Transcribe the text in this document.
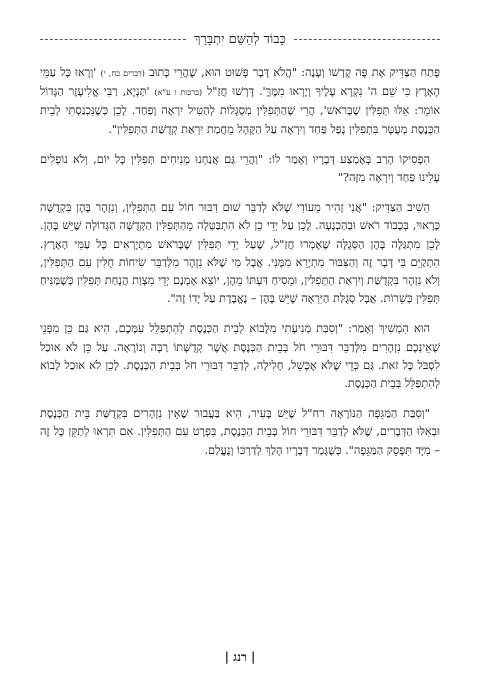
כָּבוֹד לְהַשֵּׁם יִתְבָּרַךְ

פָּתַח הַצַּדִּיק אֶת פֶּה קָדְשׁוֹ וְעָנָה: "הֲלֹא דָּבָר פָּשׁוּט הוּא, שֶׁהֲרֵי כָּתוּב (דברים כח, י) 'וְרָאוּ כָּל עַמֵּי הָאָרֶץ כִּי שֵׁם ה' נִקְרָא עָלֶיךָ וְיָרְאוּ מִמֶּךָּ'. דָּרְשׁוּ חֲזַ"ל (ברכות ו ע"א) 'תַּנְיָא, רַבִּי אֱלִיעֶזֶר הַגָּדוֹל אוֹמֵר: אֵלּוּ תְּפִלִּין שֶׁבָּרֹאשׁ', הֲרֵי שֶׁהַתְּפִלִּין מְסֻגָּלוֹת לְהַטִּיל יִרְאָה וָפַחַד. לָכֵן כְּשֶׁנִּכְנַסְתִּי לְבֵית הַכְּנֶסֶת מְעֻטָּר בִּתְפִלִּין נָפַל פַּחַד וְיִרְאָה עַל הַקָּהָל מֵחֲמַת יִרְאַת קְדֻשַּׁת הַתְּפִלִּין".

הִפְסִיקוֹ הָרַב בְּאֶמְצַע דְּבָרָיו וְאָמַר לוֹ: "וַהֲרֵי גַּם אֲנַחְנוּ מְנִיחִים תְּפִלִּין כָּל יוֹם, וְלֹא נוֹפְלִים עָלֵינוּ פַּחַד וְיִרְאָה מִזֶּה?"

הֵשִׁיב הַצַּדִּיק: "אֲנִי זָהִיר מֵעוֹדִי שֶׁלֹּא לְדַבֵּר שׁוּם דִּבּוּר חוֹל עִם הַתְּפִלִּין, וְנִזְהָר בָּהֶן בִּקְדֻשָּׁה כָּרָאוּי, בְּכָבוֹד רֹאשׁ וּבְהַכְנָעָה. לָכֵן עַל יְדֵי כֵן לֹא הִתְבַּטְּלָה מֵהַתְּפִלִּין הַקְּדֻשָּׁה הַגְּדוֹלָה שֶׁיֵּשׁ בָּהֶן. לָכֵן מִתְגַּלָּה בָּהֶן הַסְּגֻלָּה שֶׁאָמְרוּ חֲזַ"ל, שֶׁעַל יְדֵי תְּפִלִּין שֶׁבָּרֹאשׁ מִתְיָרְאִים כָּל עַמֵּי הָאָרֶץ. הִתְקַיֵּם בִּי דָּבָר זֶה וְהַצִּבּוּר מִתְיָרֵא מִמֶּנִּי. אֲבָל מִי שֶׁלֹּא נִזְהָר מִלְּדַבֵּר שִׂיחוֹת חֻלִּין עִם הַתְּפִלִּין, וְלֹא נִזְהָר בִּקְדֻשַּׁת וְיִרְאַת הַתְּפִלִּין, וּמֵסִיחַ דַּעְתּוֹ מֵהֶן, יוֹצֵא אָמְנָם יְדֵי מִצְוַת הֲנָחַת תְּפִלִּין כְּשֶׁמַּנִּיחַ תְּפִלִּין כְּשֵׁרוֹת. אֲבָל סְגֻלַּת הַיִּרְאָה שֶׁיֵּשׁ בָּהֶן – נֶאֱבֶדֶת עַל יָדוֹ זֶה".

הוּא הִמְשִׁיךְ וְאָמַר: "וְסִבַּת מְנִיעָתִי מִלָּבוֹא לְבֵית הַכְּנֶסֶת לְהִתְפַּלֵּל עִמָּכֶם, הִיא גַּם כֵּן מִפְּנֵי שֶׁאֵינְכֶם נִזְהָרִים מִלְּדַבֵּר דִּבּוּרֵי חֹל בְּבֵית הַכְּנֶסֶת אֲשֶׁר קְדֻשָּׁתוֹ רַבָּה וְנוֹרָאָה. עַל כֵּן לֹא אוּכַל לִסְבֹּל כָּל זֹאת. גַּם כְּדֵי שֶׁלֹּא אֶכָּשֵׁל, חָלִילָה, לְדַבֵּר דִּבּוּרֵי חֹל בְּבֵית הַכְּנֶסֶת. לָכֵן לֹא אוּכַל לָבוֹא לְהִתְפַּלֵּל בְּבֵית הַכְּנֶסֶת.

"וְסִבַּת הַמַּגֵּפָה הַנּוֹרָאָה רח"ל שֶׁיֵּשׁ בָּעִיר, הִיא בַּעֲבוּר שֶׁאֵין נִזְהָרִים בִּקְדֻשַּׁת בֵּית הַכְּנֶסֶת וּבְאִלּוּ הַדְּבָרִים, שֶׁלֹּא לְדַבֵּר דִּבּוּרֵי חוֹל בְּבֵית הַכְּנֶסֶת, בִּפְרָט עִם הַתְּפִלִּין. אִם תִּרְאוּ לְתַקֵּן כָּל זֶה – מִיָּד תִּפָּסֵק הַמַּגֵּפָה". כְּשֶׁגָּמַר דְּבָרָיו הָלַךְ לְדַרְכּוֹ וְנֶעֱלַם.

| רנג |
